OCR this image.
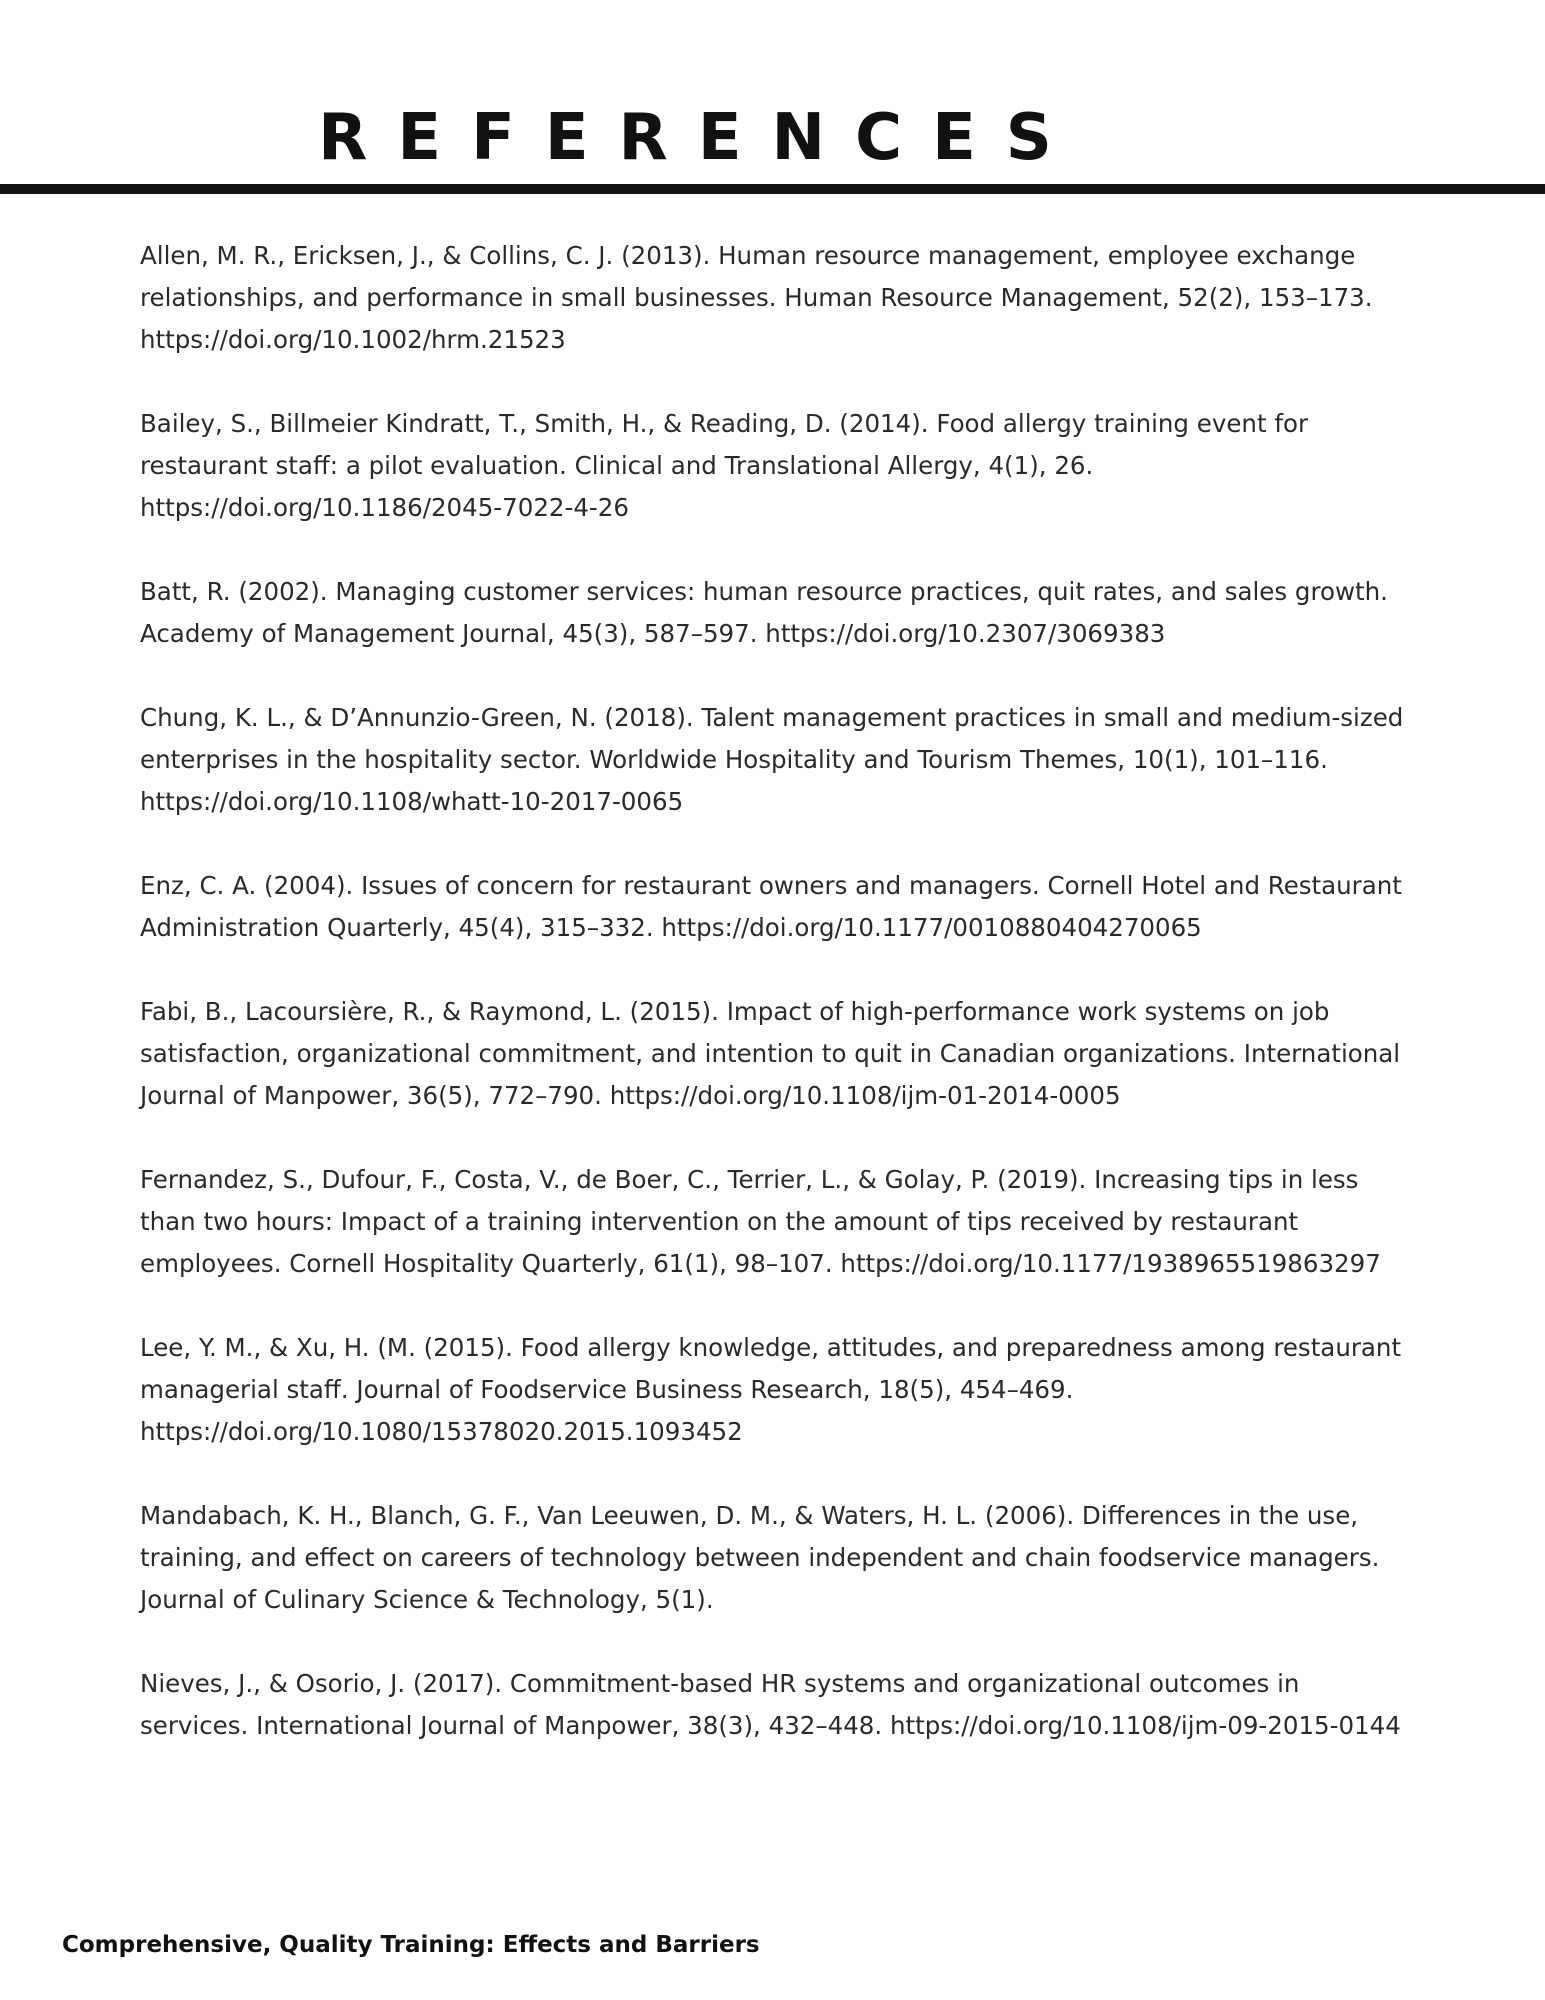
REFERENCES
Allen, M. R., Ericksen, J., & Collins, C. J. (2013). Human resource management, employee exchange relationships, and performance in small businesses. Human Resource Management, 52(2), 153–173. https://doi.org/10.1002/hrm.21523
Bailey, S., Billmeier Kindratt, T., Smith, H., & Reading, D. (2014). Food allergy training event for restaurant staff: a pilot evaluation. Clinical and Translational Allergy, 4(1), 26. https://doi.org/10.1186/2045-7022-4-26
Batt, R. (2002). Managing customer services: human resource practices, quit rates, and sales growth. Academy of Management Journal, 45(3), 587–597. https://doi.org/10.2307/3069383
Chung, K. L., & D’Annunzio-Green, N. (2018). Talent management practices in small and medium-sized enterprises in the hospitality sector. Worldwide Hospitality and Tourism Themes, 10(1), 101–116. https://doi.org/10.1108/whatt-10-2017-0065
Enz, C. A. (2004). Issues of concern for restaurant owners and managers. Cornell Hotel and Restaurant Administration Quarterly, 45(4), 315–332. https://doi.org/10.1177/0010880404270065
Fabi, B., Lacoursière, R., & Raymond, L. (2015). Impact of high-performance work systems on job satisfaction, organizational commitment, and intention to quit in Canadian organizations. International Journal of Manpower, 36(5), 772–790. https://doi.org/10.1108/ijm-01-2014-0005
Fernandez, S., Dufour, F., Costa, V., de Boer, C., Terrier, L., & Golay, P. (2019). Increasing tips in less than two hours: Impact of a training intervention on the amount of tips received by restaurant employees. Cornell Hospitality Quarterly, 61(1), 98–107. https://doi.org/10.1177/1938965519863297
Lee, Y. M., & Xu, H. (M. (2015). Food allergy knowledge, attitudes, and preparedness among restaurant managerial staff. Journal of Foodservice Business Research, 18(5), 454–469. https://doi.org/10.1080/15378020.2015.1093452
Mandabach, K. H., Blanch, G. F., Van Leeuwen, D. M., & Waters, H. L. (2006). Differences in the use, training, and effect on careers of technology between independent and chain foodservice managers. Journal of Culinary Science & Technology, 5(1).
Nieves, J., & Osorio, J. (2017). Commitment-based HR systems and organizational outcomes in services. International Journal of Manpower, 38(3), 432–448. https://doi.org/10.1108/ijm-09-2015-0144
Comprehensive, Quality Training: Effects and Barriers
